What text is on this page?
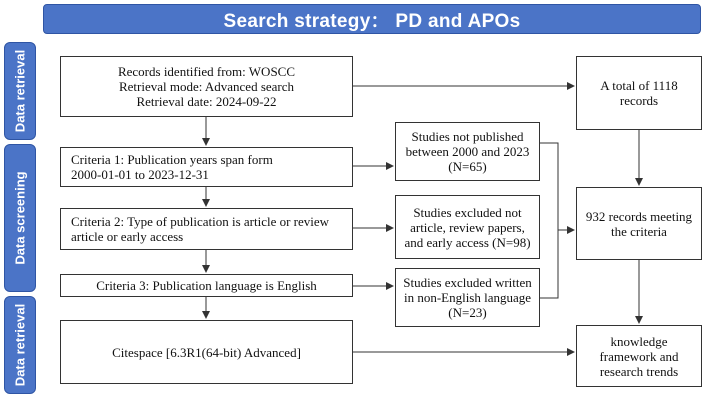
Search strategy： PD and APOs
Data retrieval
Data screening
Data retrieval
Records identified from: WOSCC
Retrieval mode: Advanced search
Retrieval date: 2024-09-22
Criteria 1: Publication years span form
2000-01-01 to 2023-12-31
Criteria 2: Type of publication is article or review
article or early access
Criteria 3: Publication language is English
Citespace [6.3R1(64-bit) Advanced]
A total of 1118
records
Studies not published
between 2000 and 2023
(N=65)
Studies excluded not
article, review papers,
and early access (N=98)
Studies excluded written
in non-English language
(N=23)
932 records meeting
the criteria
knowledge
framework and
research trends
